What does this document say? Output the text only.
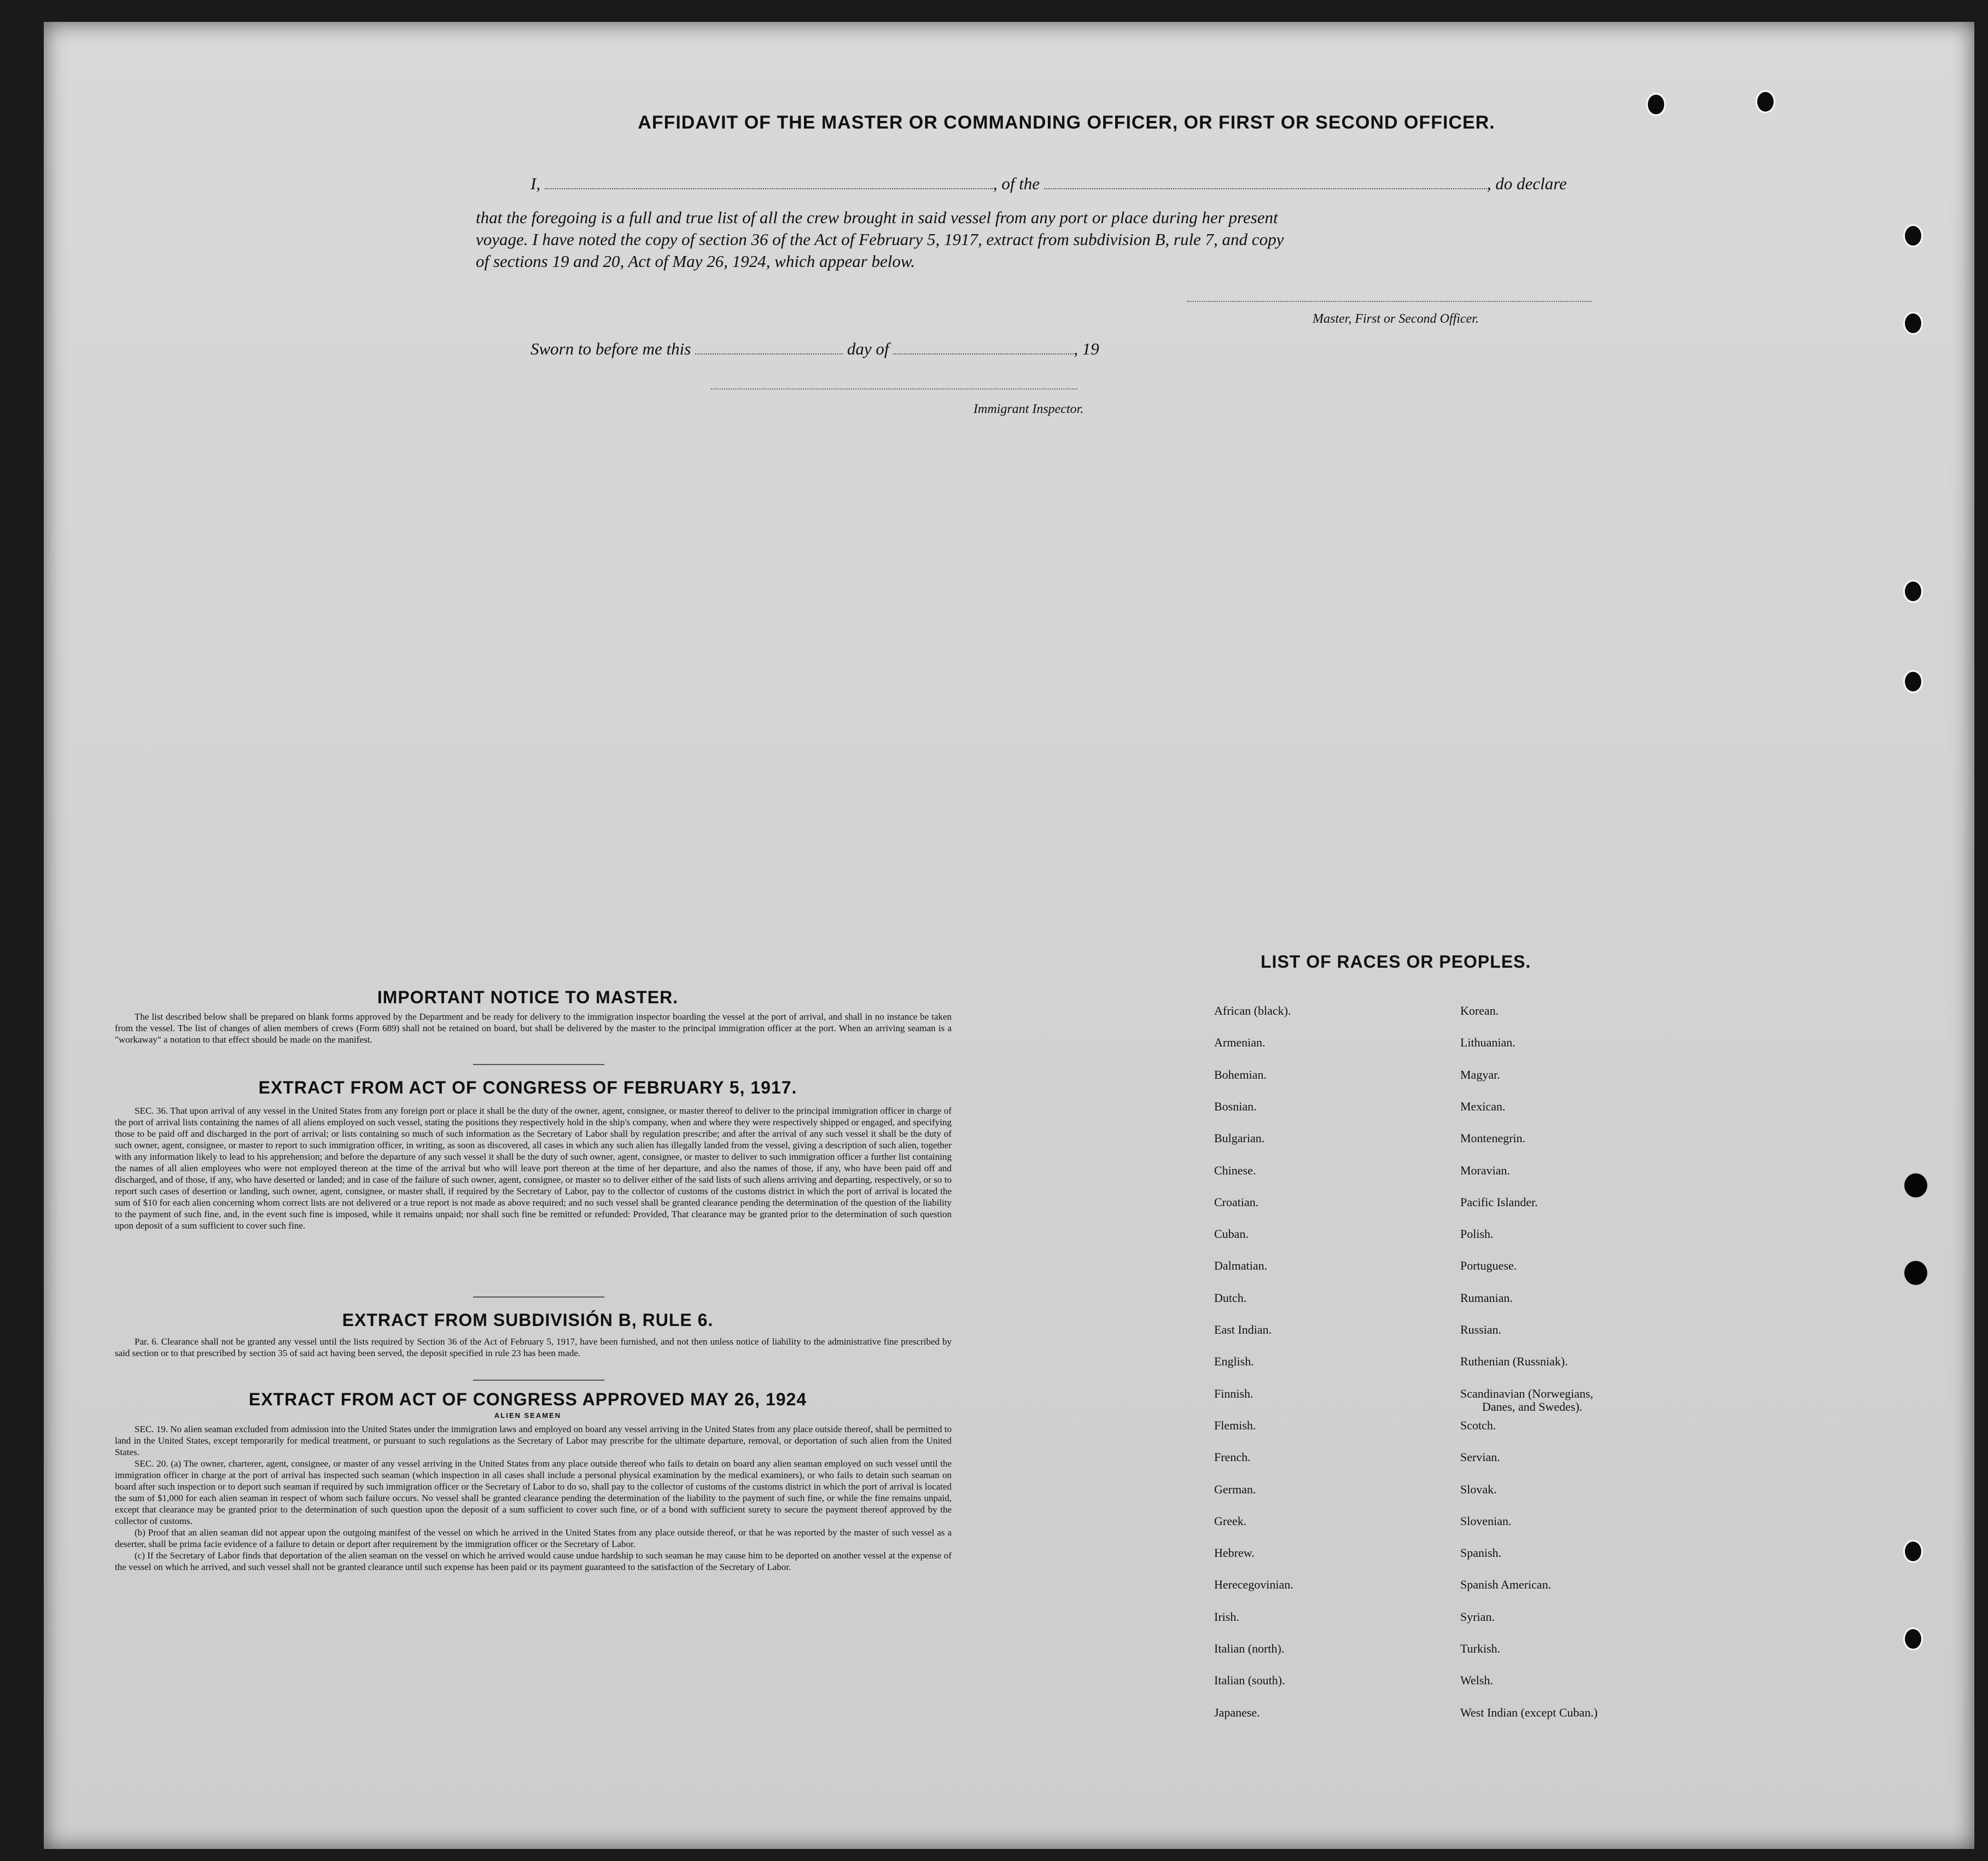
AFFIDAVIT OF THE MASTER OR COMMANDING OFFICER, OR FIRST OR SECOND OFFICER.
I,	, of the	, do declare
that the foregoing is a full and true list of all the crew brought in said vessel from any port or place during her present
voyage. I have noted the copy of section 36 of the Act of February 5, 1917, extract from subdivision B, rule 7, and copy
of sections 19 and 20, Act of May 26, 1924, which appear below.
Master, First or Second Officer.
Sworn to before me this	day of	, 19
Immigrant Inspector.
IMPORTANT NOTICE TO MASTER.

The list described below shall be prepared on blank forms approved by the Department and be ready for delivery to the immigration inspector boarding the vessel at the port of arrival, and shall in no instance be taken from the vessel. The list of changes of alien members of crews (Form 689) shall not be retained on board, but shall be delivered by the master to the principal immigration officer at the port. When an arriving seaman is a "workaway" a notation to that effect should be made on the manifest.

EXTRACT FROM ACT OF CONGRESS OF FEBRUARY 5, 1917.

SEC. 36. That upon arrival of any vessel in the United States from any foreign port or place it shall be the duty of the owner, agent, consignee, or master thereof to deliver to the principal immigration officer in charge of the port of arrival lists containing the names of all aliens employed on such vessel, stating the positions they respectively hold in the ship's company, when and where they were respectively shipped or engaged, and specifying those to be paid off and discharged in the port of arrival; or lists containing so much of such information as the Secretary of Labor shall by regulation prescribe; and after the arrival of any such vessel it shall be the duty of such owner, agent, consignee, or master to report to such immigration officer, in writing, as soon as discovered, all cases in which any such alien has illegally landed from the vessel, giving a description of such alien, together with any information likely to lead to his apprehension; and before the departure of any such vessel it shall be the duty of such owner, agent, consignee, or master to deliver to such immigration officer a further list containing the names of all alien employees who were not employed thereon at the time of the arrival but who will leave port thereon at the time of her departure, and also the names of those, if any, who have been paid off and discharged, and of those, if any, who have deserted or landed; and in case of the failure of such owner, agent, consignee, or master so to deliver either of the said lists of such aliens arriving and departing, respectively, or so to report such cases of desertion or landing, such owner, agent, consignee, or master shall, if required by the Secretary of Labor, pay to the collector of customs of the customs district in which the port of arrival is located the sum of $10 for each alien concerning whom correct lists are not delivered or a true report is not made as above required; and no such vessel shall be granted clearance pending the determination of the question of the liability to the payment of such fine, and, in the event such fine is imposed, while it remains unpaid; nor shall such fine be remitted or refunded: Provided, That clearance may be granted prior to the determination of such question upon deposit of a sum sufficient to cover such fine.

EXTRACT FROM SUBDIVISIÓN B, RULE 6.

Par. 6. Clearance shall not be granted any vessel until the lists required by Section 36 of the Act of February 5, 1917, have been furnished, and not then unless notice of liability to the administrative fine prescribed by said section or to that prescribed by section 35 of said act having been served, the deposit specified in rule 23 has been made.

EXTRACT FROM ACT OF CONGRESS APPROVED MAY 26, 1924
ALIEN SEAMEN

SEC. 19. No alien seaman excluded from admission into the United States under the immigration laws and employed on board any vessel arriving in the United States from any place outside thereof, shall be permitted to land in the United States, except temporarily for medical treatment, or pursuant to such regulations as the Secretary of Labor may prescribe for the ultimate departure, removal, or deportation of such alien from the United States.

SEC. 20. (a) The owner, charterer, agent, consignee, or master of any vessel arriving in the United States from any place outside thereof who fails to detain on board any alien seaman employed on such vessel until the immigration officer in charge at the port of arrival has inspected such seaman (which inspection in all cases shall include a personal physical examination by the medical examiners), or who fails to detain such seaman on board after such inspection or to deport such seaman if required by such immigration officer or the Secretary of Labor to do so, shall pay to the collector of customs of the customs district in which the port of arrival is located the sum of $1,000 for each alien seaman in respect of whom such failure occurs. No vessel shall be granted clearance pending the determination of the liability to the payment of such fine, or while the fine remains unpaid, except that clearance may be granted prior to the determination of such question upon the deposit of a sum sufficient to cover such fine, or of a bond with sufficient surety to secure the payment thereof approved by the collector of customs.

(b) Proof that an alien seaman did not appear upon the outgoing manifest of the vessel on which he arrived in the United States from any place outside thereof, or that he was reported by the master of such vessel as a deserter, shall be prima facie evidence of a failure to detain or deport after requirement by the immigration officer or the Secretary of Labor.

(c) If the Secretary of Labor finds that deportation of the alien seaman on the vessel on which he arrived would cause undue hardship to such seaman he may cause him to be deported on another vessel at the expense of the vessel on which he arrived, and such vessel shall not be granted clearance until such expense has been paid or its payment guaranteed to the satisfaction of the Secretary of Labor.

LIST OF RACES OR PEOPLES.
African (black).
Armenian.
Bohemian.
Bosnian.
Bulgarian.
Chinese.
Croatian.
Cuban.
Dalmatian.
Dutch.
East Indian.
English.
Finnish.
Flemish.
French.
German.
Greek.
Hebrew.
Herecegovinian.
Irish.
Italian (north).
Italian (south).
Japanese.
Korean.
Lithuanian.
Magyar.
Mexican.
Montenegrin.
Moravian.
Pacific Islander.
Polish.
Portuguese.
Rumanian.
Russian.
Ruthenian (Russniak).
Scandinavian (Norwegians,
Danes, and Swedes).
Scotch.
Servian.
Slovak.
Slovenian.
Spanish.
Spanish American.
Syrian.
Turkish.
Welsh.
West Indian (except Cuban.)
